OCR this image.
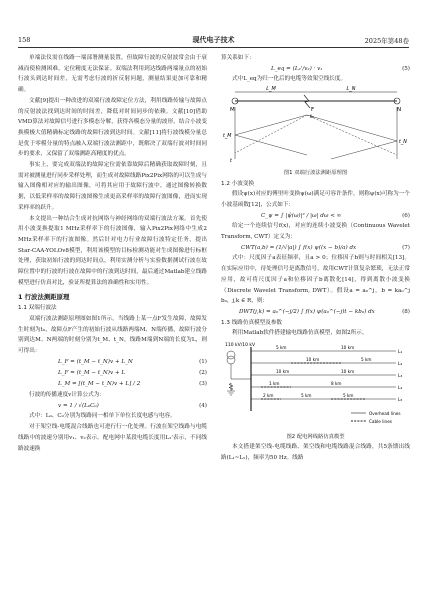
158	现代电子技术	2025年第48卷

单端法仪需在线路一端部署测量装置，但故障行波的反射波常会由于衰减而使检测困难，定位精度无法保证。双端法利用到达线路两端量点的初始行波头到达时间差，无需考虑行波的折反射问题，测量结果更加可靠和精确。

文献[9]提出一种改进的双端行波故障定位方法，利用线路传输与故障点的反射波法找到达时间的时间差，降低对时间同步的依赖。文献[10]借助VMD算法对故障信号进行多模态分解，获得各模态分量的波形，结合小波变换模极大值精确标定线路的故障行波到达时间。文献[11]将行波线模分量总是优于零模分量的特点融入双端行波法测距中，既解决了双端行波对时间同步的要求，又保留了双端测距高精度的优点。

事实上，要完成双端法的故障定位需依靠故障后精确获取故障时刻，且需对被测量进行同步采样处理，而生成对故障线路Pix2Pix网络的可以生成与输入图像相对应的输出图像，可将其应用于故障行波中，通过图像转换数据，以低采样率的故障行波图像生成更高采样率的故障行波图像，进而实现采样率的跃升。

本文提出一种结合生成对抗网络与神经网络的双端行波法方案。首先使用小波变换提取1 MHz采样率下的行波图像，输入Pix2Pix网络中生成2 MHz采样率下的行波图像。然后针对电力行业故障行波特定任务，提出Star-CAA-YOLOv8模型，利用该模型的目标检测功能对生成图像进行标框处理，获取初始行波的到达时间点，利用实测分析与实验数据测试行波在故障位置中的行波的行波在故障中的行波到达时间，最后通过Matlab建立线路模型进行仿真对比，验证所提算法的准确性和实用性。

1 行波法测距原理
1.1 双端行波法

双端行波法测距原理图如图1所示。当线路上某一点F发生故障，故障发生时刻为t₀，故障点F产生的初始行波从线路两端M、N端传播，故障行波分别到达M、N两端的时刻分别为t_M、t_N，线路M端到N端的长度为L，则可得出：

L_F = (t_M − t_N)v + L_N	(1)
L_F = (t_M − t_N)v + L	(2)
L_M = [(t_M − t_N)v + L] / 2	(3)

行波的传播速度v计算公式为：

v = 1 / √(L₀C₀)	(4)

式中：L₀、C₀分别为线路同一相单下单位长度电感与电容。

对于架空线-电缆混合线路也可进行行一化处理。行波在架空线路与电缆线路中的波速分别用v₁、v₂表示。配电网中某段电缆长度用L₂'表示，不同线路波速换

算关系如下：

L_eq = (L₂'/v₂) · v₁	(5)

式中L_eq为归一化后的电缆等效架空线长度。

L_M	L_N
M	F	N
t_M
t_N
t₀
t
图1 双端行波法测距原理图
1.2 小波变换

假设ψ(x)对应的傅里叶变换ψ(ω)满足可容许条件，则称ψ(x)可称为一个小波基函数[12]，公式如下：

C_ψ = ∫ |ψ̂(ω)|² / |ω| dω < ∞	(6)

给定一个连续信号f(x)，对应的连续小波变换（Continuous Wavelet Transform, CWT）定义为：

CWT(a,b) = (1/√|a|) ∫ f(x) ψ((x − b)/a) dx	(7)

式中：尺度因子a表征频率，且a > 0；位移因子b则与时间相关[13]。在实际应用中，待处理信号是离散信号，故用CWT计算复杂繁琐，无法正常应用，故可将尺度因子a和位移因子b离散化[14]，得到离散小波变换（Discrete Wavelet Transform, DWT）。假设a = a₀^j，b = ka₀^j b₀，j,k ∈ R，则：

DWT(j,k) = a₀^(−j/2) ∫ f(x) ψ(a₀^(−j)t − kb₀) dx	(8)
1.3 线路仿真模型及参数

利用Matlab软件搭建输电线路仿真模型，如图2所示。

110 kV/10 kV	5 km	10 km
10 km	5 km
10 km	10 km
1 km	8 km
2 km	5 km	5 km
L₁
L₂
L₃
L₄
L₅
Overhead lines
Cable lines
图2 配电网线路仿真模型

本文搭建架空线-电缆线路、架空线和电缆线路混合线路，共5条馈出线路(L₁~L₅)，频率为50 Hz。线路
